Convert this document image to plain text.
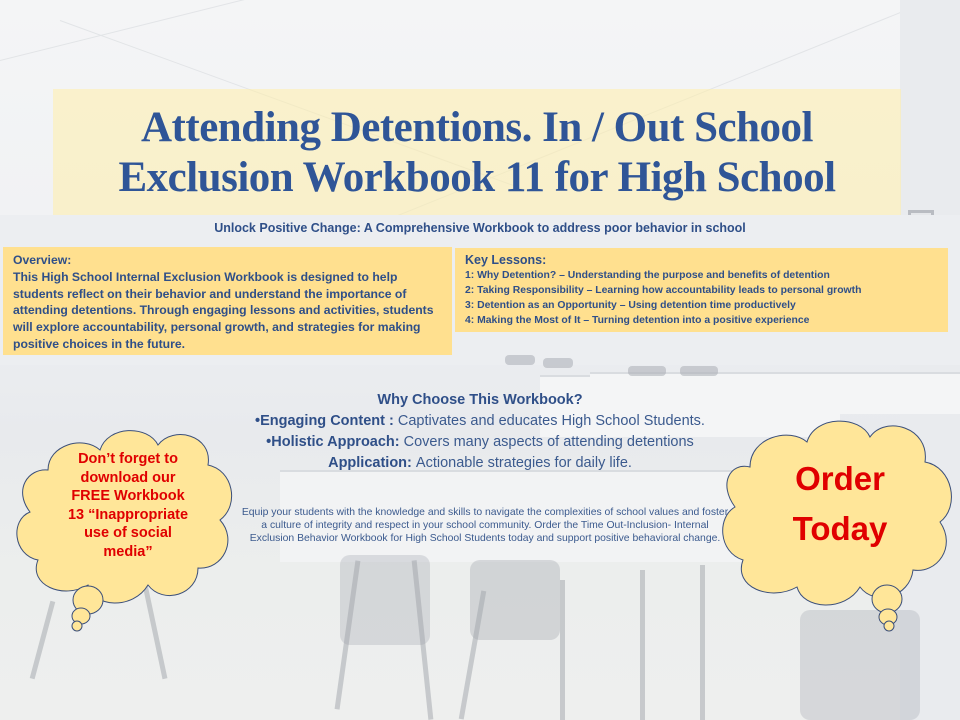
Attending Detentions. In / Out School
Exclusion Workbook 11 for High School
Unlock Positive Change: A Comprehensive Workbook to address poor behavior in school
Overview:
This High School Internal Exclusion Workbook is designed to help students reflect on their behavior and understand the importance of attending detentions. Through engaging lessons and activities, students will explore accountability, personal growth, and strategies for making positive choices in the future.
Key Lessons:
1: Why Detention? – Understanding the purpose and benefits of detention
2: Taking Responsibility – Learning how accountability leads to personal growth
3: Detention as an Opportunity – Using detention time productively
4: Making the Most of It – Turning detention into a positive experience
Why Choose This Workbook?
•Engaging Content : Captivates and educates High School Students.
•Holistic Approach: Covers many aspects of attending detentions
Application: Actionable strategies for daily life.
Equip your students with the knowledge and skills to navigate the complexities of school values and foster a culture of integrity and respect in your school community. Order the Time Out-Inclusion- Internal Exclusion Behavior Workbook for High School Students today and support positive behavioral change.
Don’t forget to
download our
FREE Workbook
13 “Inappropriate
use of social
media”
Order
Today
